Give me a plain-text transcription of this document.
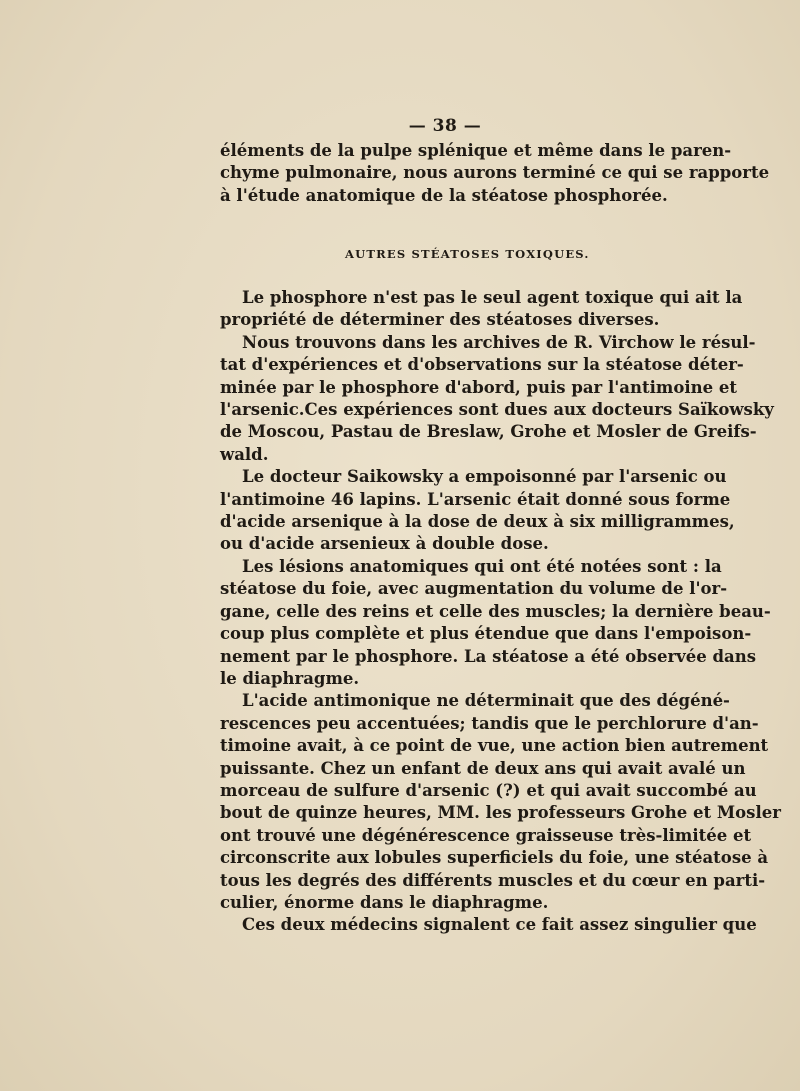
— 38 —
éléments de la pulpe splénique et même dans le paren-
chyme pulmonaire, nous aurons terminé ce qui se rapporte
à l'étude anatomique de la stéatose phosphorée.
AUTRES STÉATOSES TOXIQUES.

Le phosphore n'est pas le seul agent toxique qui ait la
propriété de déterminer des stéatoses diverses.

Nous trouvons dans les archives de R. Virchow le résul-
tat d'expériences et d'observations sur la stéatose déter-
minée par le phosphore d'abord, puis par l'antimoine et
l'arsenic.Ces expériences sont dues aux docteurs Saïkowsky
de Moscou, Pastau de Breslaw, Grohe et Mosler de Greifs-
wald.

Le docteur Saikowsky a empoisonné par l'arsenic ou
l'antimoine 46 lapins. L'arsenic était donné sous forme
d'acide arsenique à la dose de deux à six milligrammes,
ou d'acide arsenieux à double dose.

Les lésions anatomiques qui ont été notées sont : la
stéatose du foie, avec augmentation du volume de l'or-
gane, celle des reins et celle des muscles; la dernière beau-
coup plus complète et plus étendue que dans l'empoison-
nement par le phosphore. La stéatose a été observée dans
le diaphragme.

L'acide antimonique ne déterminait que des dégéné-
rescences peu accentuées; tandis que le perchlorure d'an-
timoine avait, à ce point de vue, une action bien autrement
puissante. Chez un enfant de deux ans qui avait avalé un
morceau de sulfure d'arsenic (?) et qui avait succombé au
bout de quinze heures, MM. les professeurs Grohe et Mosler
ont trouvé une dégénérescence graisseuse très-limitée et
circonscrite aux lobules superficiels du foie, une stéatose à
tous les degrés des différents muscles et du cœur en parti-
culier, énorme dans le diaphragme.

Ces deux médecins signalent ce fait assez singulier que
